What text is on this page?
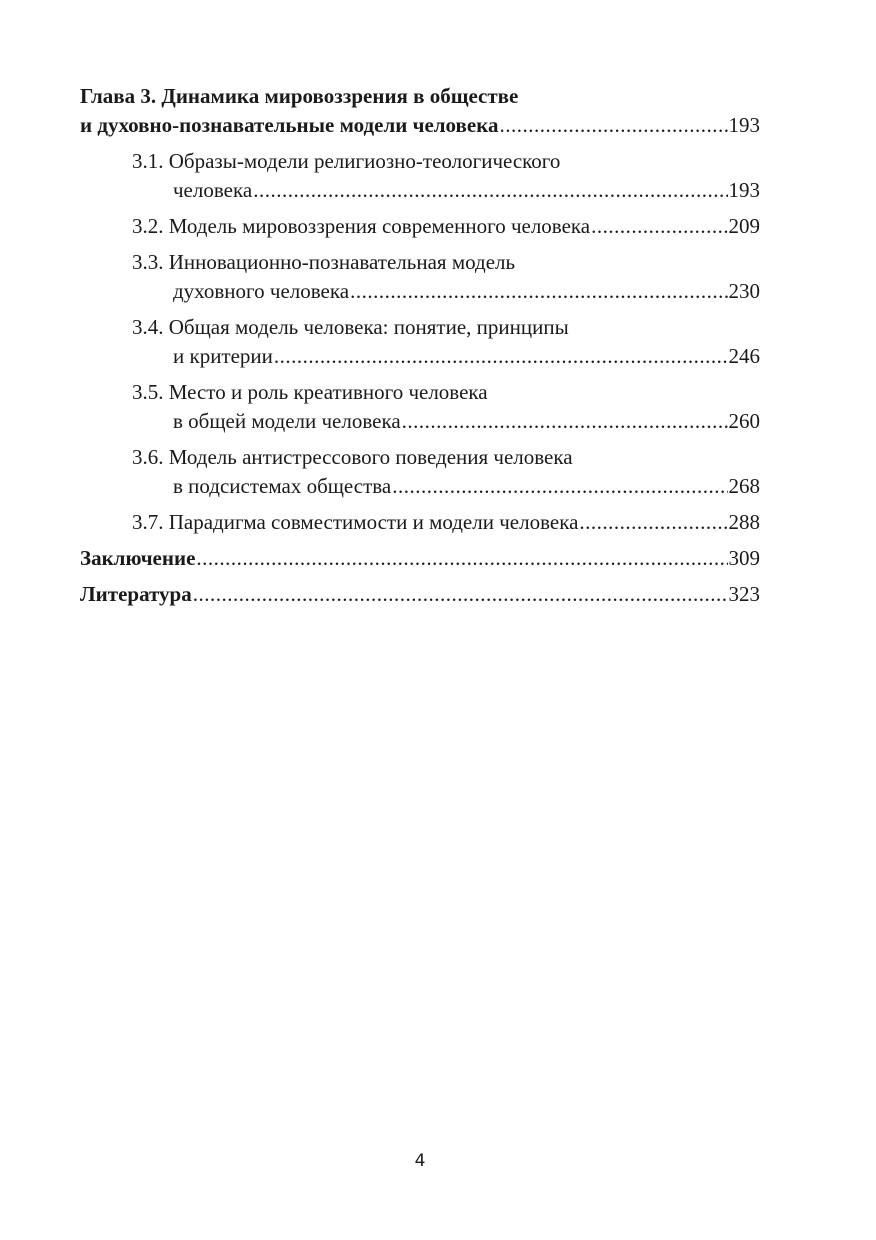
Глава 3. Динамика мировоззрения в обществе
и духовно-познавательные модели человека .....	193
3.1. Образы-модели религиозно-теологического
человека .....	193
3.2. Модель мировоззрения современного человека .....	209
3.3. Инновационно-познавательная модель
духовного человека .....	230
3.4. Общая модель человека: понятие, принципы
и критерии .....	246
3.5. Место и роль креативного человека
в общей модели человека .....	260
3.6. Модель антистрессового поведения человека
в подсистемах общества .....	268
3.7. Парадигма совместимости и модели человека .....	288
Заключение .....	309
Литература .....	323
4
